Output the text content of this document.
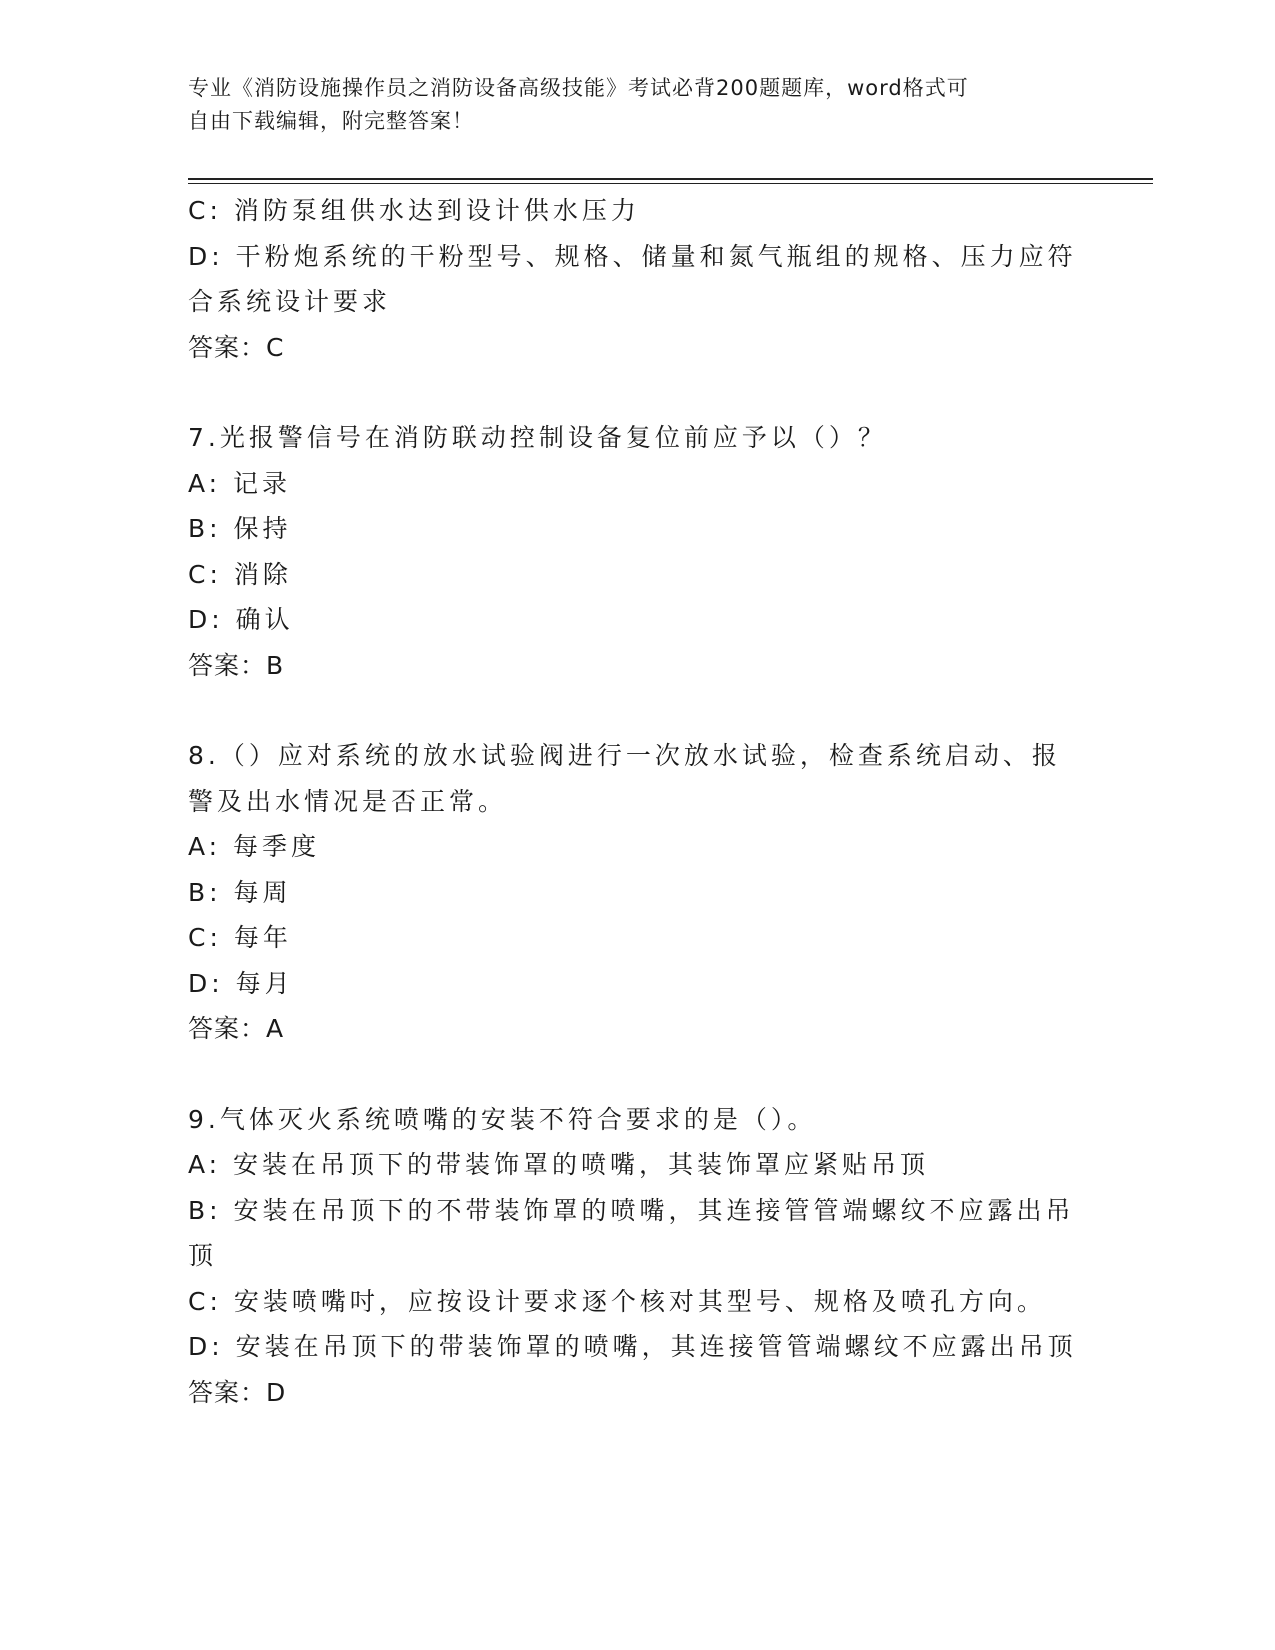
专业《消防设施操作员之消防设备高级技能》考试必背200题题库，word格式可
自由下载编辑，附完整答案！
C: 消防泵组供水达到设计供水压力
D: 干粉炮系统的干粉型号、规格、储量和氮气瓶组的规格、压力应符
合系统设计要求
答案：C
7.光报警信号在消防联动控制设备复位前应予以（）？
A: 记录
B: 保持
C: 消除
D: 确认
答案：B
8.（）应对系统的放水试验阀进行一次放水试验，检查系统启动、报
警及出水情况是否正常。
A: 每季度
B: 每周
C: 每年
D: 每月
答案：A
9.气体灭火系统喷嘴的安装不符合要求的是（）。
A: 安装在吊顶下的带装饰罩的喷嘴，其装饰罩应紧贴吊顶
B: 安装在吊顶下的不带装饰罩的喷嘴，其连接管管端螺纹不应露出吊
顶
C: 安装喷嘴吋，应按设计要求逐个核对其型号、规格及喷孔方向。
D: 安装在吊顶下的带装饰罩的喷嘴，其连接管管端螺纹不应露出吊顶
答案：D
